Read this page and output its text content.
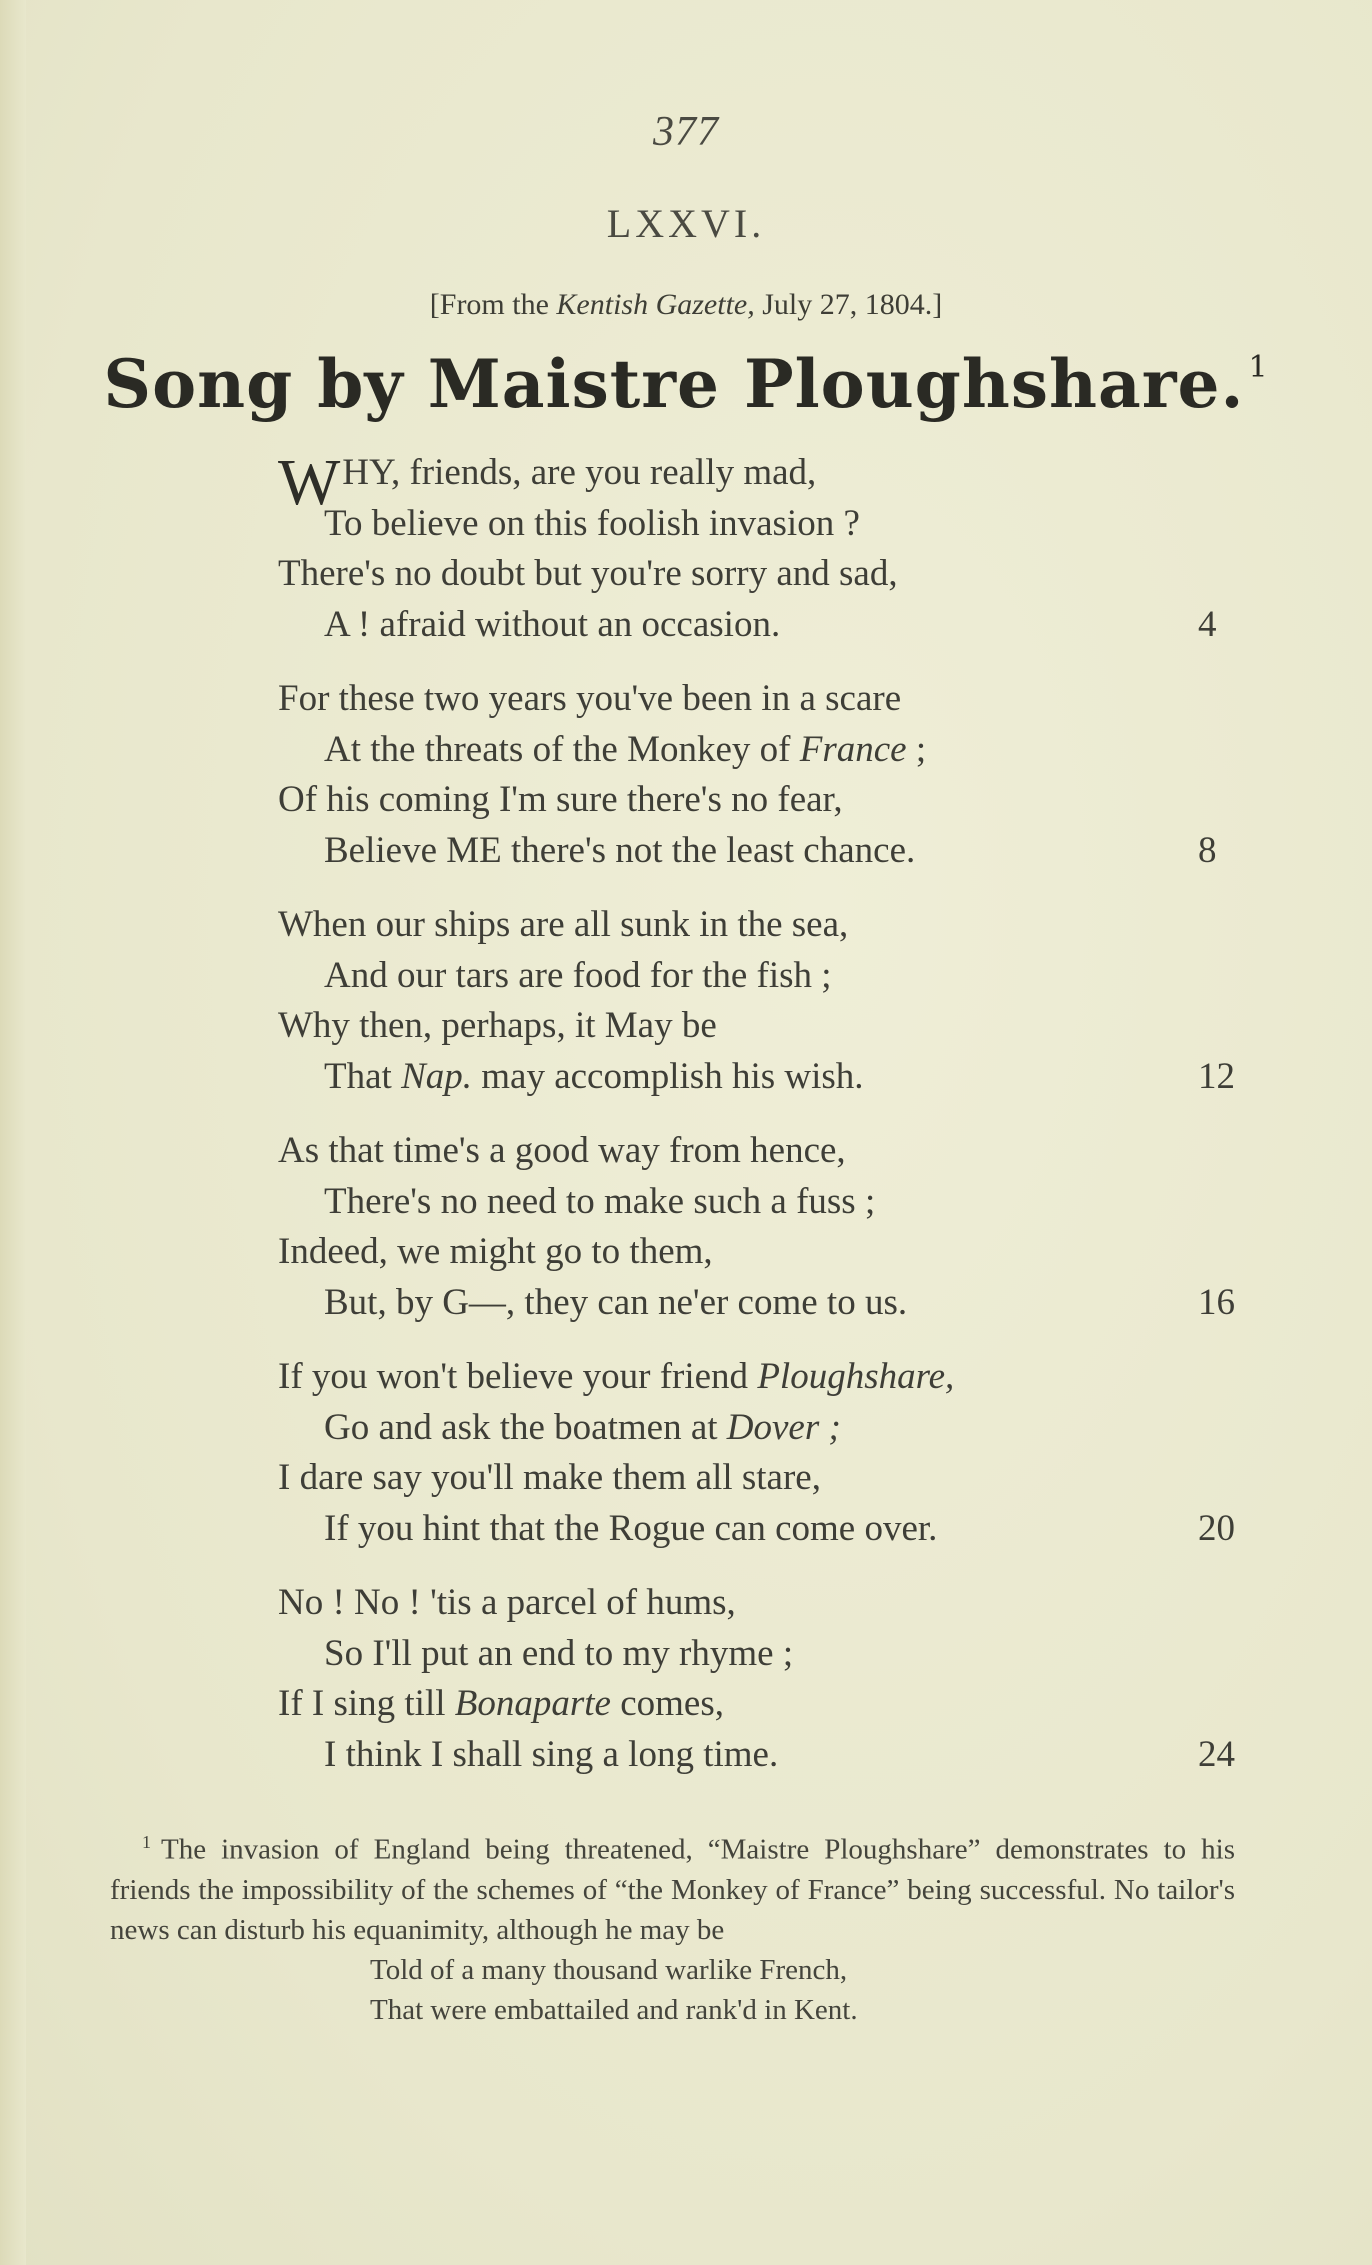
377
LXXVI.
[From the Kentish Gazette, July 27, 1804.]
Song by Maistre Ploughshare. $^1$
WHY, friends, are you really mad,
To believe on this foolish invasion ?
There's no doubt but you're sorry and sad,
A ! afraid without an occasion.	4
For these two years you've been in a scare
At the threats of the Monkey of France ;
Of his coming I'm sure there's no fear,
Believe ME there's not the least chance.	8
When our ships are all sunk in the sea,
And our tars are food for the fish ;
Why then, perhaps, it May be
That Nap. may accomplish his wish.	12
As that time's a good way from hence,
There's no need to make such a fuss ;
Indeed, we might go to them,
But, by G—, they can ne'er come to us.	16
If you won't believe your friend Ploughshare,
Go and ask the boatmen at Dover ;
I dare say you'll make them all stare,
If you hint that the Rogue can come over.	20
No ! No ! 'tis a parcel of hums,
So I'll put an end to my rhyme ;
If I sing till Bonaparte comes,
I think I shall sing a long time.	24
$^1$ The invasion of England being threatened, “Maistre Ploughshare” demonstrates to his friends the impossibility of the schemes of “the Monkey of France” being successful. No tailor's news can disturb his equanimity, although he may be
Told of a many thousand warlike French,
That were embattailed and rank'd in Kent.
